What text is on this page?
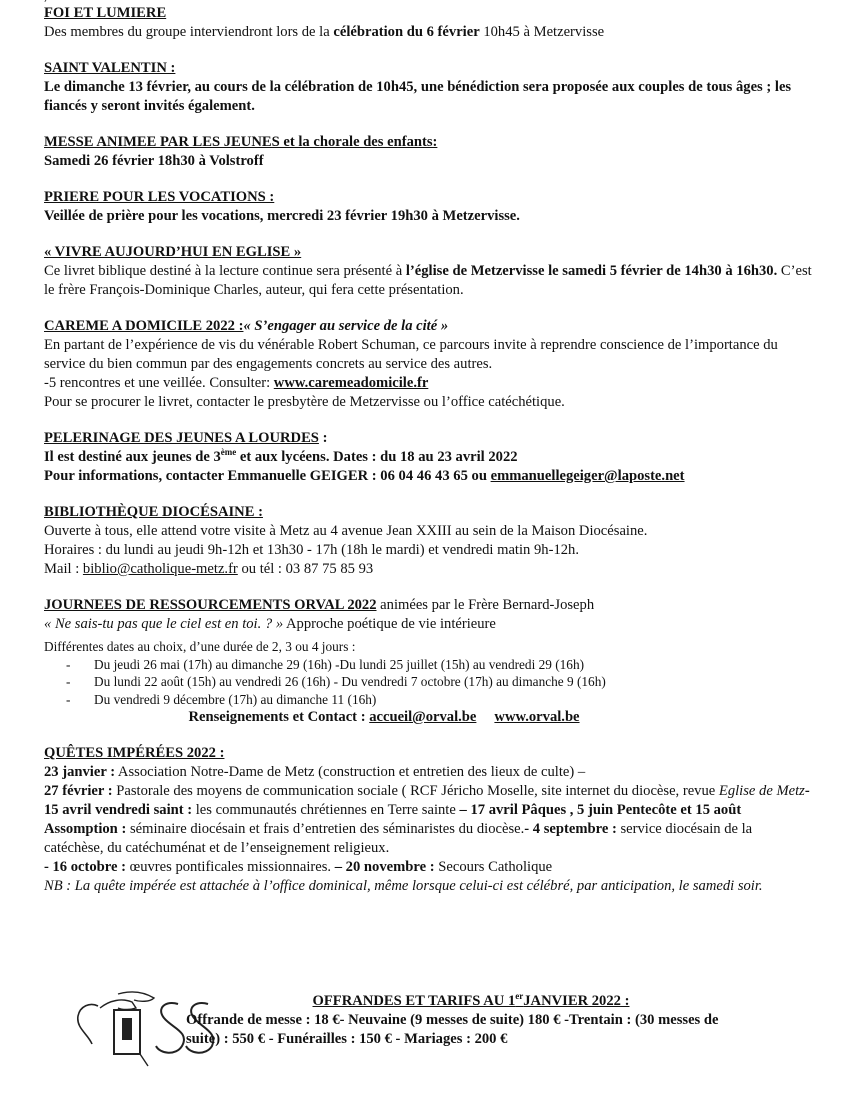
FOI ET LUMIERE
Des membres du groupe interviendront lors de la célébration du 6 février 10h45 à Metzervisse
SAINT VALENTIN :
Le dimanche 13 février, au cours de la célébration de 10h45, une bénédiction sera proposée aux couples de tous âges ; les fiancés y seront invités également.
MESSE ANIMEE PAR LES JEUNES et la chorale des enfants:
Samedi 26 février 18h30 à Volstroff
PRIERE POUR LES VOCATIONS :
Veillée de prière pour les vocations, mercredi 23 février 19h30 à Metzervisse.
« VIVRE AUJOURD’HUI EN EGLISE »
Ce livret biblique destiné à la lecture continue sera présenté à l’église de Metzervisse le samedi 5 février de 14h30 à 16h30. C’est le frère François-Dominique Charles, auteur, qui fera cette présentation.
CAREME A DOMICILE 2022 :« S’engager au service de la cité »
En partant de l’expérience de vis du vénérable Robert Schuman, ce parcours invite à reprendre conscience de l’importance du service du bien commun par des engagements concrets au service des autres.
-5 rencontres et une veillée. Consulter: www.caremeadomicile.fr
Pour se procurer le livret, contacter le presbytère de Metzervisse ou l’office catéchétique.
PELERINAGE DES JEUNES A LOURDES :
Il est destiné aux jeunes de 3ème et aux lycéens. Dates : du 18 au 23 avril 2022
Pour informations, contacter Emmanuelle GEIGER : 06 04 46 43 65 ou emmanuellegeiger@laposte.net
BIBLIOTHÈQUE DIOCÉSAINE :
Ouverte à tous, elle attend votre visite à Metz au 4 avenue Jean XXIII au sein de la Maison Diocésaine.
Horaires : du lundi au jeudi 9h-12h et 13h30 - 17h (18h le mardi) et vendredi matin 9h-12h.
Mail : biblio@catholique-metz.fr ou tél : 03 87 75 85 93
JOURNEES DE RESSOURCEMENTS ORVAL 2022 animées par le Frère Bernard-Joseph
« Ne sais-tu pas que le ciel est en toi. ? » Approche poétique de vie intérieure
Différentes dates au choix, d’une durée de 2, 3 ou 4 jours :
- Du jeudi 26 mai (17h) au dimanche 29 (16h) -Du lundi 25 juillet (15h) au vendredi 29 (16h)
- Du lundi 22 août (15h) au vendredi 26 (16h) - Du vendredi 7 octobre (17h) au dimanche 9 (16h)
- Du vendredi 9 décembre (17h) au dimanche 11 (16h)
Renseignements et Contact : accueil@orval.be www.orval.be
QUÊTES IMPÉRÉES 2022 :
23 janvier : Association Notre-Dame de Metz (construction et entretien des lieux de culte) –
27 février : Pastorale des moyens de communication sociale ( RCF Jéricho Moselle, site internet du diocèse, revue Eglise de Metz- 15 avril vendredi saint : les communautés chrétiennes en Terre sainte – 17 avril Pâques , 5 juin Pentecôte et 15 août Assomption : séminaire diocésain et frais d’entretien des séminaristes du diocèse.- 4 septembre : service diocésain de la catéchèse, du catéchuménat et de l’enseignement religieux.
- 16 octobre : œuvres pontificales missionnaires. – 20 novembre : Secours Catholique
NB : La quête impérée est attachée à l’office dominical, même lorsque celui-ci est célébré, par anticipation, le samedi soir.
OFFRANDES ET TARIFS AU 1erJANVIER 2022 :
Offrande de messe : 18 €- Neuvaine (9 messes de suite) 180 € -Trentain : (30 messes de suite) : 550 € - Funérailles : 150 € - Mariages : 200 €
